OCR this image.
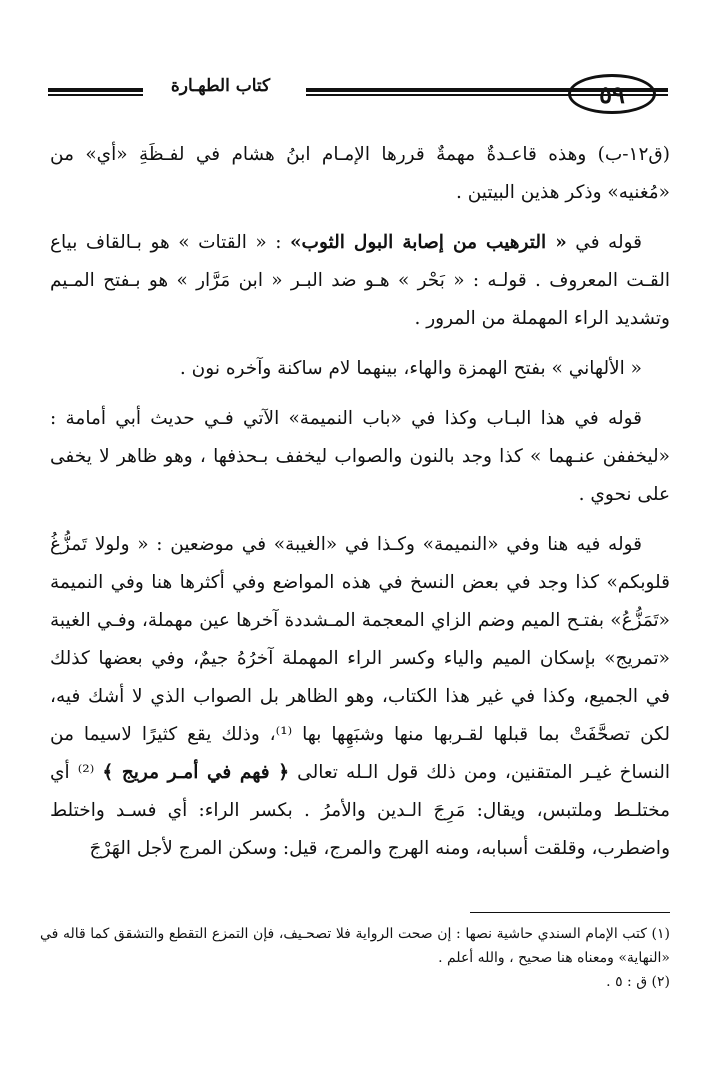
كتاب الطهـارة

(ق١٢-ب) وهذه قاعـدةٌ مهمةٌ قررها الإمـام ابنُ هشام في لفـظَةِ «أي» من «مُغنيه» وذكر هذين البيتين .

قوله في « الترهيب من إصابة البول الثوب» : « القتات » هو بـالقاف بياع القـت المعروف . قولـه : « بَحْر » هـو ضد البـر « ابن مَرَّار » هو بـفتح المـيم وتشديد الراء المهملة من المرور .

« الألهاني » بفتح الهمزة والهاء، بينهما لام ساكنة وآخره نون .

قوله في هذا البـاب وكذا في «باب النميمة» الآتي فـي حديث أبي أمامة : «ليخففن عنـهما » كذا وجد بالنون والصواب ليخفف بـحذفها ، وهو ظاهر لا يخفى على نحوي .

قوله فيه هنا وفي «النميمة» وكـذا في «الغيبة» في موضعين : « ولولا تَمزُّغُ قلوبكم» كذا وجد في بعض النسخ في هذه المواضع وفي أكثرها هنا وفي النميمة «تَمَزُّعُ» بفتـح الميم وضم الزاي المعجمة المـشددة آخرها عين مهملة، وفـي الغيبة «تمريج» بإسكان الميم والياء وكسر الراء المهملة آخرُهُ جيمٌ، وفي بعضها كذلك في الجميع، وكذا في غير هذا الكتاب، وهو الظاهر بل الصواب الذي لا أشك فيه، لكن تصحَّفَتْ بما قبلها لقـربها منها وشبَهِها بها ⁽¹⁾، وذلك يقع كثيرًا لاسيما من النساخ غيـر المتقنين، ومن ذلك قول الـله تعالى ﴿ فهم في أمـر مريج ﴾ ⁽²⁾ أي مختلـط وملتبس، ويقال: مَرِجَ الـدين والأمرُ . بكسر الراء: أي فسـد واختلط واضطرب، وقلقت أسبابه، ومنه الهرج والمرج، قيل: وسكن المرج لأجل الهَرْجَ

(١) كتب الإمام السندي حاشية نصها : إن صحت الرواية فلا تصحـيف، فإن التمزع التقطع والتشقق كما قاله في «النهاية» ومعناه هنا صحيح ، والله أعلم .

(٢) ق : ٥ .
